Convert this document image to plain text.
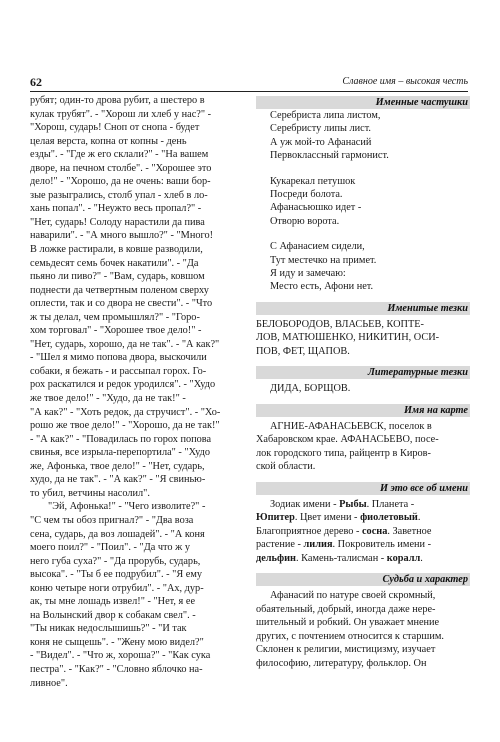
62	Славное имя – высокая честь

рубят; один-то дрова рубит, а шестеро в

кулак трубят". - "Хорош ли хлеб у нас?" -

"Хорош, сударь! Сноп от снопа - будет

целая верста, копна от копны - день

езды". - "Где ж его склали?" - "На вашем

дворе, на печном столбе". - "Хорошее это

дело!" - "Хорошо, да не очень: ваши бор-

зые разыгрались, столб упал - хлеб в ло-

хань попал". - "Неужто весь пропал?" -

"Нет, сударь! Солоду нарастили да пива

наварили". - "А много вышло?" - "Много!

В ложке растирали, в ковше разводили,

семьдесят семь бочек накатили". - "Да

пьяно ли пиво?" - "Вам, сударь, ковшом

поднести да четвертным поленом сверху

оплести, так и со двора не свести". - "Что

ж ты делал, чем промышлял?" - "Горо-

хом торговал" - "Хорошее твое дело!" -

"Нет, сударь, хорошо, да не так". - "А как?"

- "Шел я мимо попова двора, выскочили

собаки, я бежать - и рассыпал горох. Го-

рох раскатился и редок уродился". - "Худо

же твое дело!" - "Худо, да не так!" -

"А как?" - "Хоть редок, да стручист". - "Хо-

рошо же твое дело!" - "Хорошо, да не так!"

- "А как?" - "Повадилась по горох попова

свинья, все изрыла-перепортила" - "Худо

же, Афонька, твое дело!" - "Нет, сударь,

худо, да не так". - "А как?" - "Я свинью-

то убил, ветчины насолил".

"Эй, Афонька!" - "Чего изволите?" -

"С чем ты обоз пригнал?" - "Два воза

сена, сударь, да воз лошадей". - "А коня

моего поил?" - "Поил". - "Да что ж у

него губа суха?" - "Да прорубь, сударь,

высока". - "Ты б ее подрубил". - "Я ему

коню четыре ноги отрубил". - "Ах, дур-

ак, ты мне лошадь извел!" - "Нет, я ее

на Волынский двор к собакам свел". -

"Ты никак недослышишь?" - "И так

коня не сыщешь". - "Жену мою видел?"

- "Видел". - "Что ж, хороша?" - "Как сука

пестра". - "Как?" - "Словно яблочко на-

ливное".

Именные частушки

Серебриста липа листом,

Серебристу липы лист.

А уж мой-то Афанасий

Первоклассный гармонист.

Кукарекал петушок

Посреди болота.

Афанасьюшко идет -

Отворю ворота.

С Афанасием сидели,

Тут местечко на примет.

Я иду и замечаю:

Место есть, Афони нет.

Именитые тезки

БЕЛОБОРОДОВ, ВЛАСЬЕВ, КОПТЕ-

ЛОВ, МАТЮШЕНКО, НИКИТИН, ОСИ-

ПОВ, ФЕТ, ЩАПОВ.

Литературные тезки

ДИДА, БОРЩОВ.

Имя на карте

АГНИЕ-АФАНАСЬЕВСК, поселок в

Хабаровском крае. АФАНАСЬЕВО, посе-

лок городского типа, райцентр в Киров-

ской области.

И это все об имени

Зодиак имени - Рыбы. Планета -

Юпитер. Цвет имени - фиолетовый.

Благоприятное дерево - сосна. Заветное

растение - лилия. Покровитель имени -

дельфин. Камень-талисман - коралл.

Судьба и характер

Афанасий по натуре своей скромный,

обаятельный, добрый, иногда даже нере-

шительный и робкий. Он уважает мнение

других, с почтением относится к старшим.

Склонен к религии, мистицизму, изучает

философию, литературу, фольклор. Он
